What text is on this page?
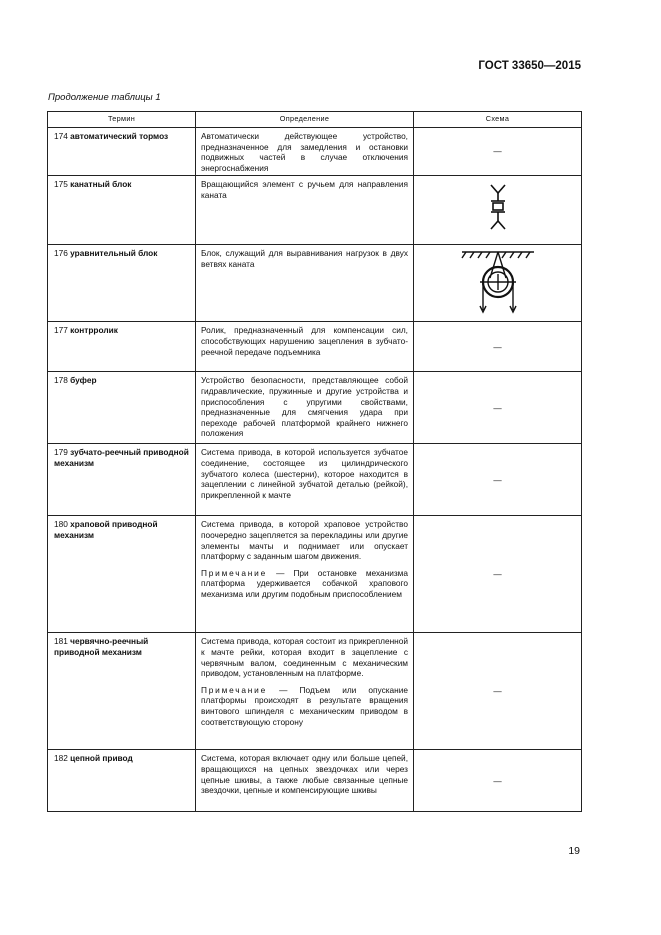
ГОСТ 33650—2015
Продолжение таблицы 1
Термин	Определение	Схема
174 автоматический тормоз	Автоматически действующее устройство, предназначенное для замедления и остановки подвижных частей в случае отключения энергоснабжения	—
175 канатный блок	Вращающийся элемент с ручьем для направления каната	
176 уравнительный блок	Блок, служащий для выравнивания нагрузок в двух ветвях каната	
177 контрролик	Ролик, предназначенный для компенсации сил, способствующих нарушению зацепления в зубчато-реечной передаче подъемника	—
178 буфер	Устройство безопасности, представляющее собой гидравлические, пружинные и другие устройства и приспособления с упругими свойствами, предназначенные для смягчения удара при переходе рабочей платформой крайнего нижнего положения	—
179 зубчато-реечный приводной механизм	Система привода, в которой используется зубчатое соединение, состоящее из цилиндрического зубчатого колеса (шестерни), которое находится в зацеплении с линейной зубчатой деталью (рейкой), прикрепленной к мачте	—
180 храповой приводной механизм	Система привода, в которой храповое устройство поочередно зацепляется за перекладины или другие элементы мачты и поднимает или опускает платформу с заданным шагом движения.
Примечание — При остановке механизма платформа удерживается собачкой храпового механизма или другим подобным приспособлением	—
181 червячно-реечный приводной механизм	Система привода, которая состоит из прикрепленной к мачте рейки, которая входит в зацепление с червячным валом, соединенным с механическим приводом, установленным на платформе.
Примечание — Подъем или опускание платформы происходят в результате вращения винтового шпинделя с механическим приводом в соответствующую сторону	—
182 цепной привод	Система, которая включает одну или больше цепей, вращающихся на цепных звездочках или через цепные шкивы, а также любые связанные цепные звездочки, цепные и компенсирующие шкивы	—
19
